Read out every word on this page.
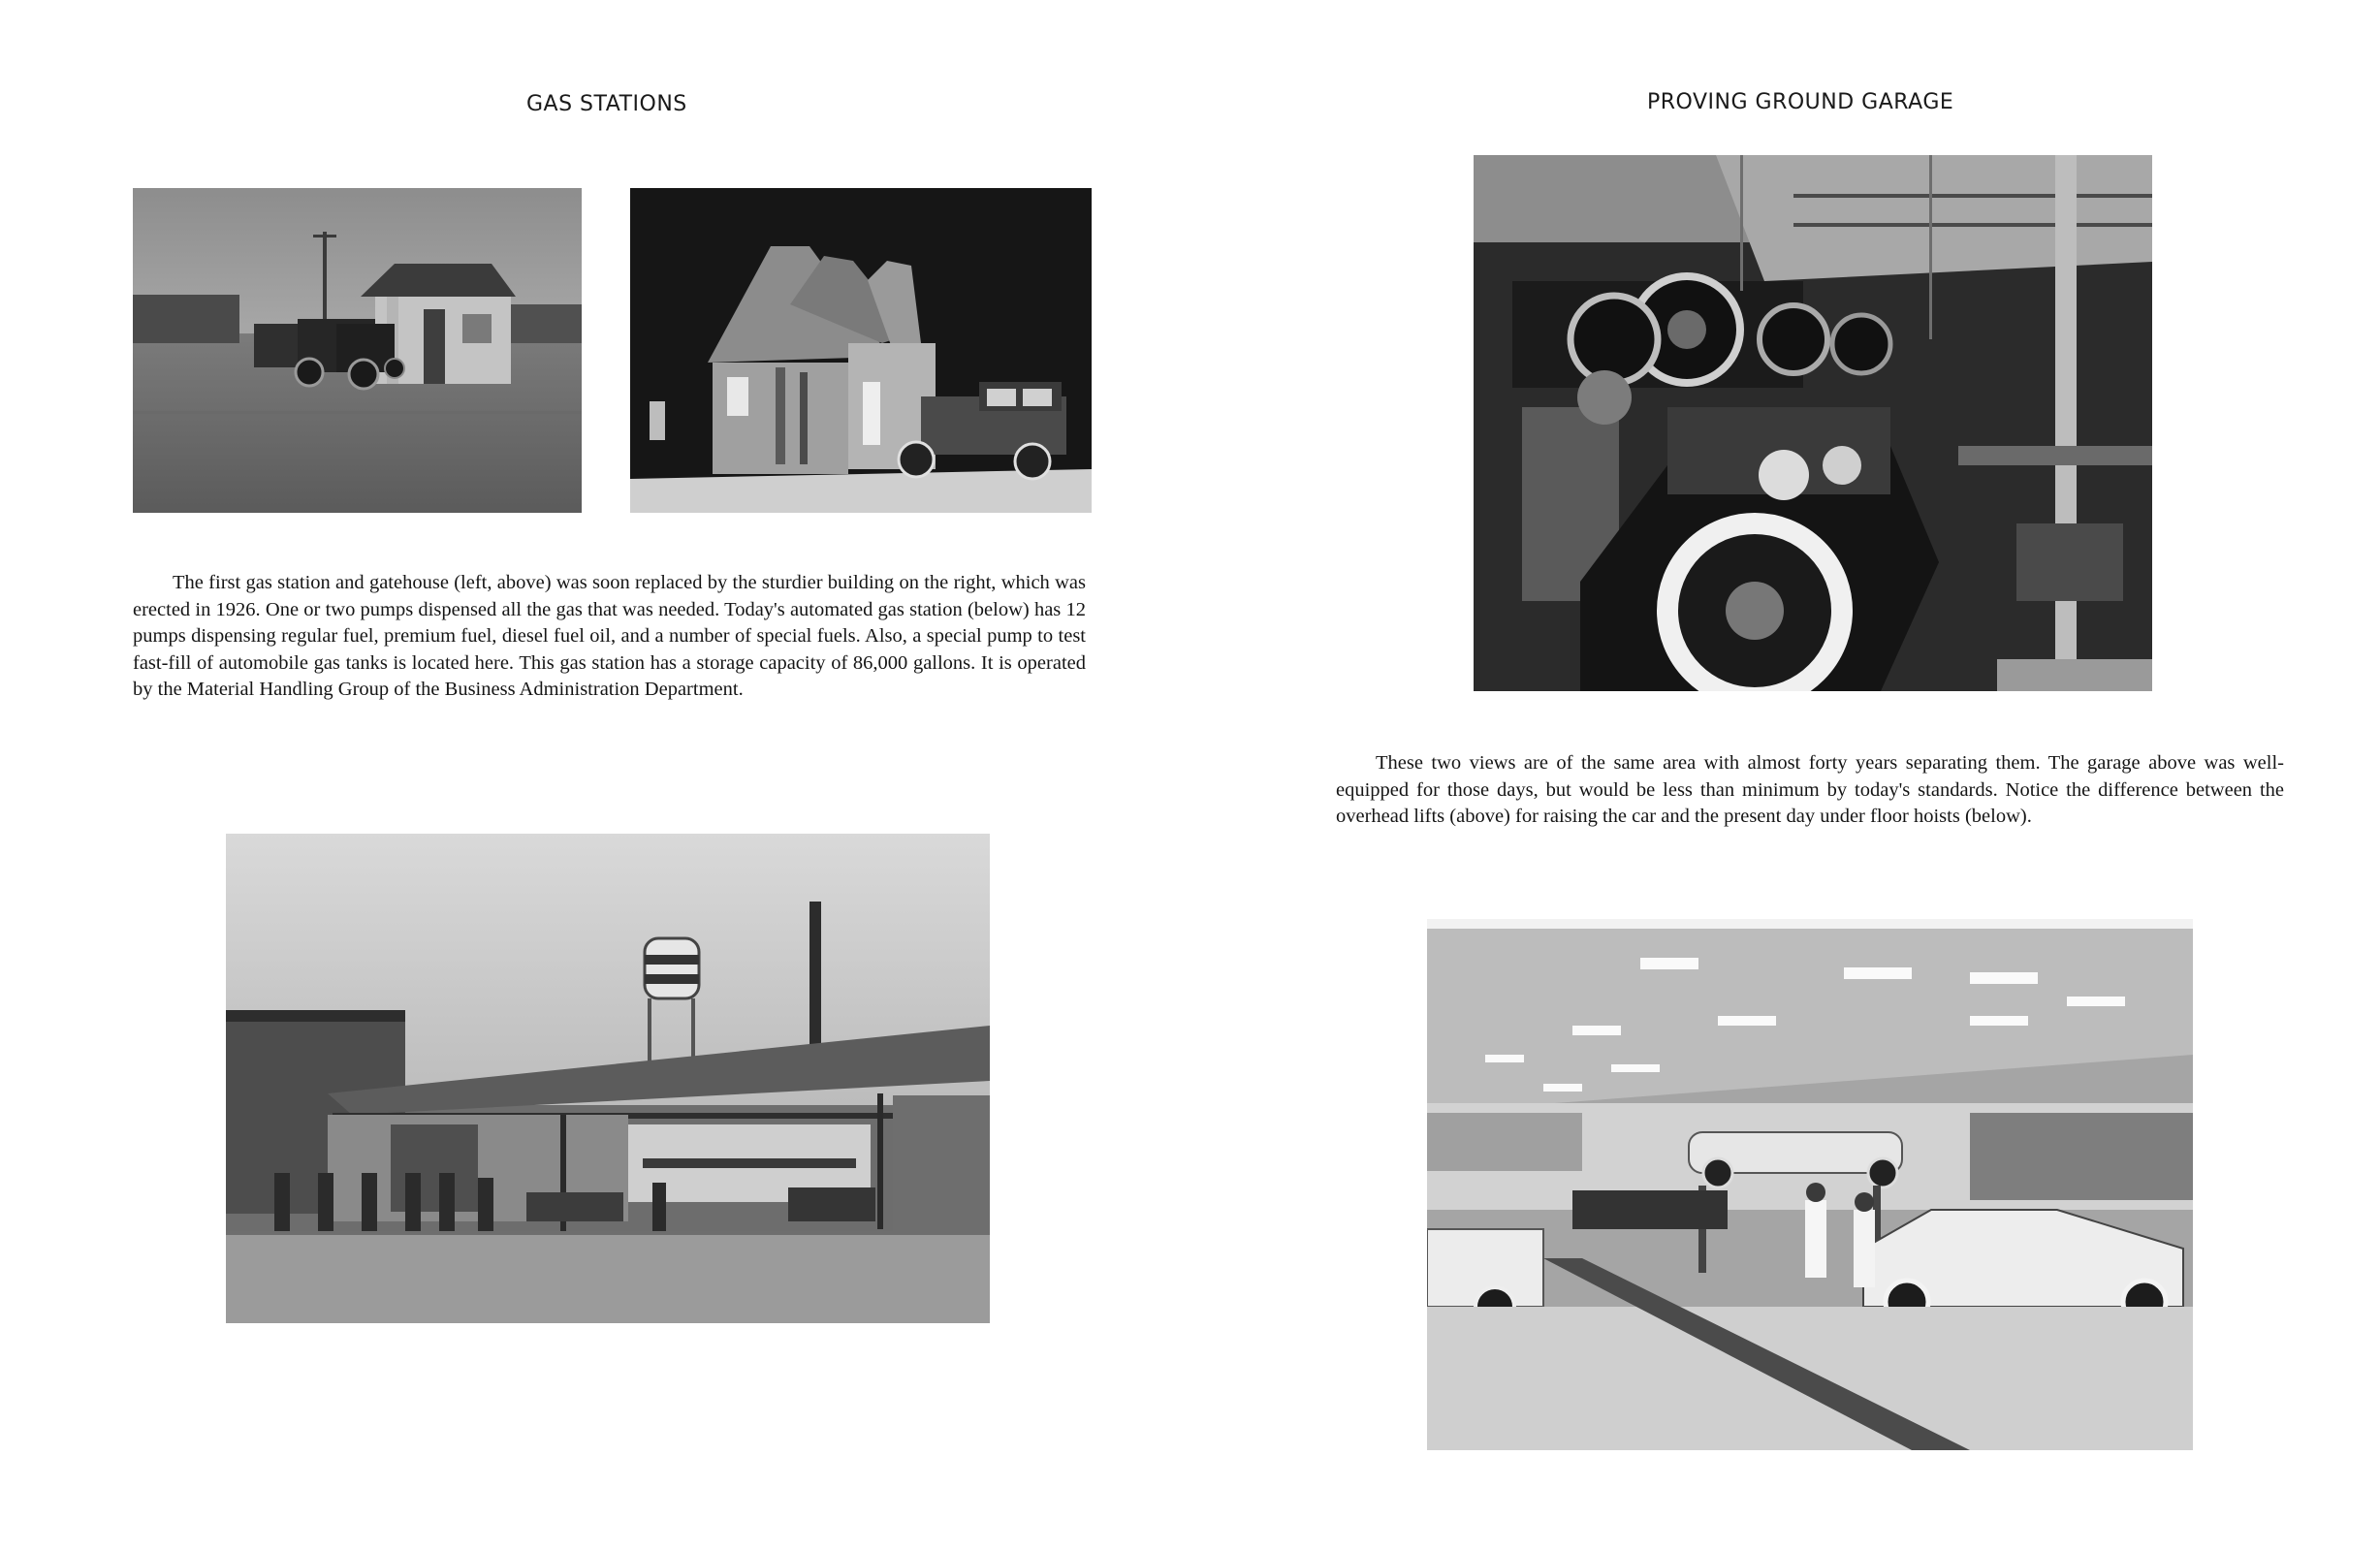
GAS STATIONS

The first gas station and gatehouse (left, above) was soon replaced by the sturdier building on the right, which was erected in 1926. One or two pumps dispensed all the gas that was needed. Today's automated gas station (below) has 12 pumps dispensing regular fuel, premium fuel, diesel fuel oil, and a number of special fuels. Also, a special pump to test fast-fill of automobile gas tanks is located here. This gas station has a storage capacity of 86,000 gallons. It is operated by the Material Handling Group of the Business Administration Department.

PROVING GROUND GARAGE

These two views are of the same area with almost forty years separating them. The garage above was well-equipped for those days, but would be less than minimum by today's standards. Notice the difference between the overhead lifts (above) for raising the car and the present day under floor hoists (below).
